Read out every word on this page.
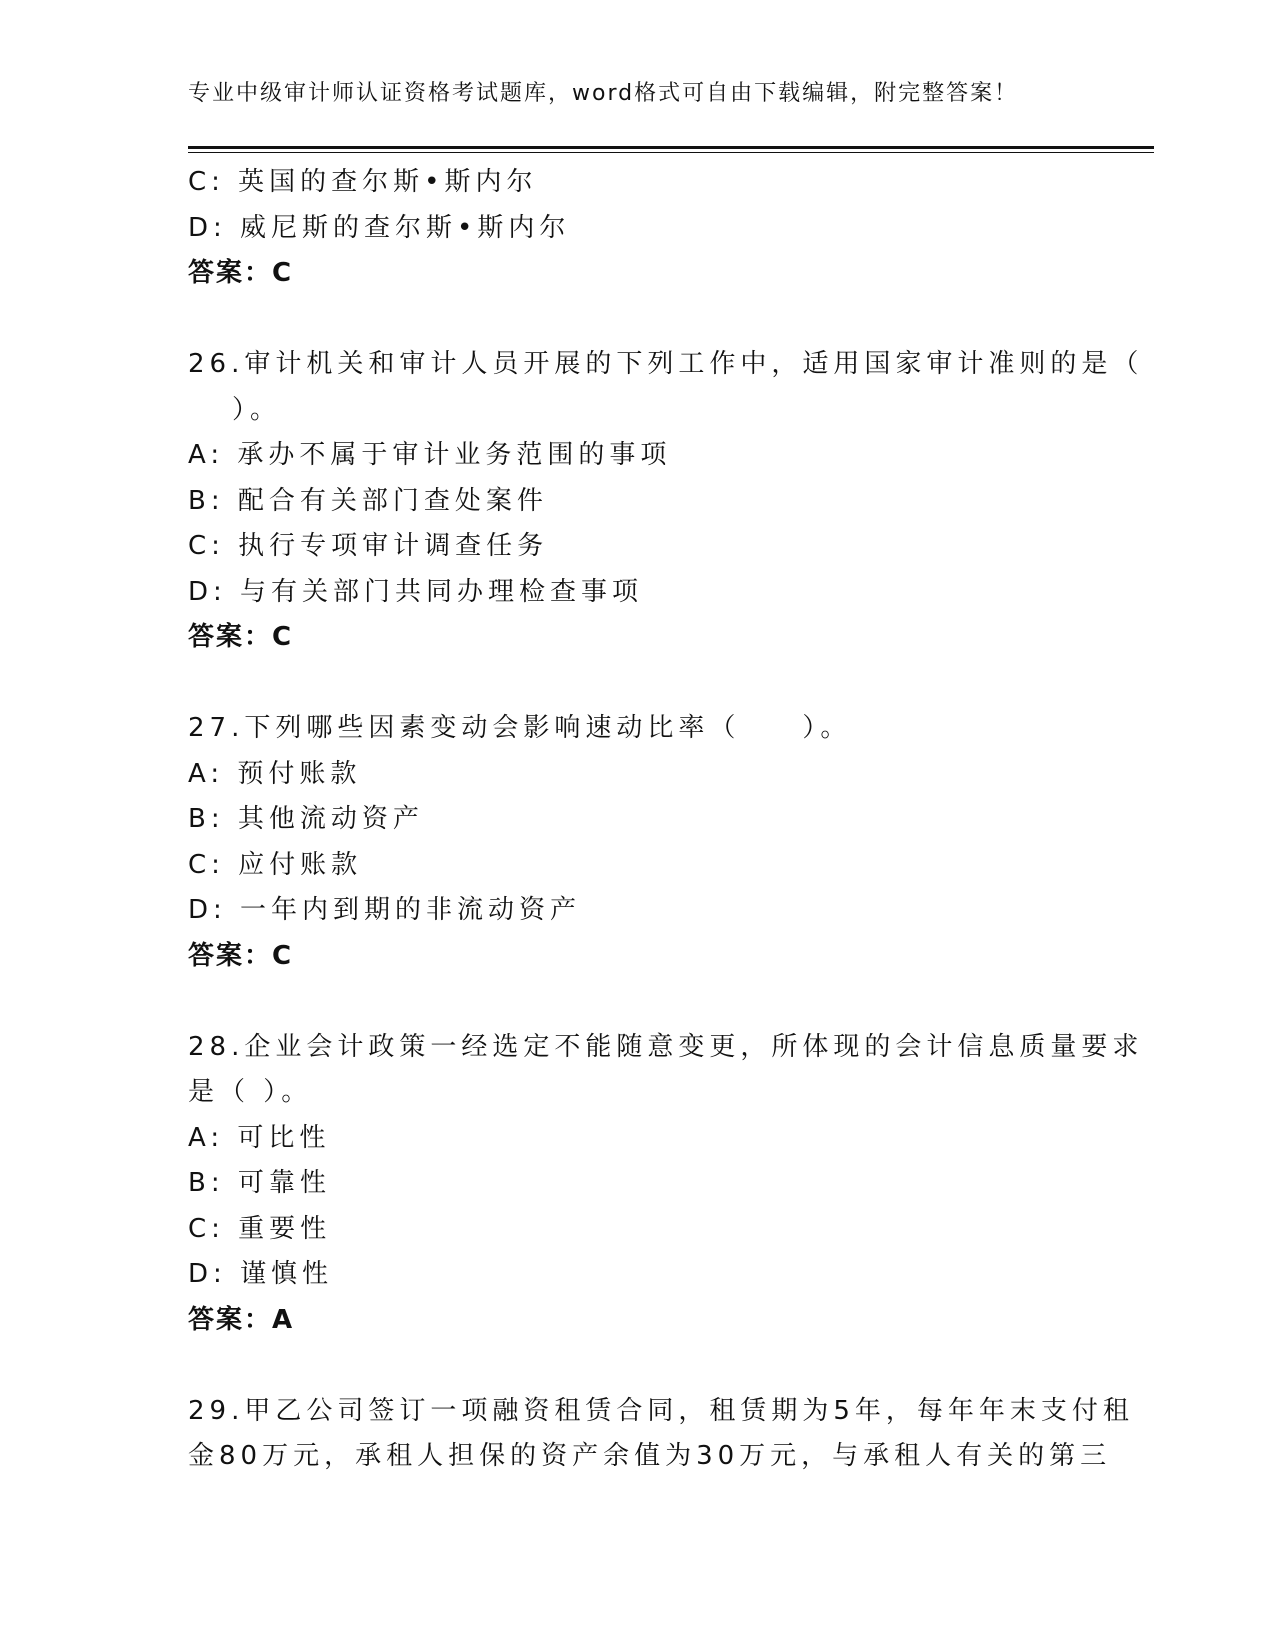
专业中级审计师认证资格考试题库，word格式可自由下载编辑，附完整答案！
C: 英国的查尔斯•斯内尔
D: 威尼斯的查尔斯•斯内尔
答案：C
26.审计机关和审计人员开展的下列工作中，适用国家审计准则的是（
）。
A: 承办不属于审计业务范围的事项
B: 配合有关部门查处案件
C: 执行专项审计调查任务
D: 与有关部门共同办理检查事项
答案：C
27.下列哪些因素变动会影响速动比率（　　）。
A: 预付账款
B: 其他流动资产
C: 应付账款
D: 一年内到期的非流动资产
答案：C
28.企业会计政策一经选定不能随意变更，所体现的会计信息质量要求
是（ ）。
A: 可比性
B: 可靠性
C: 重要性
D: 谨慎性
答案：A
29.甲乙公司签订一项融资租赁合同，租赁期为5年，每年年末支付租
金80万元，承租人担保的资产余值为30万元，与承租人有关的第三
